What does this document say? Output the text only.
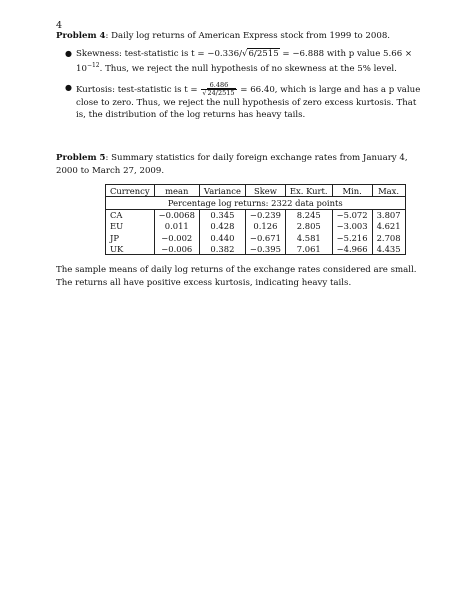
4

Problem 4: Daily log returns of American Express stock from 1999 to 2008.

● Skewness: test-statistic is t = −0.336/√6/2515 = −6.888 with p value $5.66 \times 10^{-12}$. Thus, we reject the null hypothesis of no skewness at the 5% level.
● Kurtosis: test-statistic is $t = \frac{6.486}{√24/2515} = 66.40$, which is large and has a p value close to zero. Thus, we reject the null hypothesis of zero excess kurtosis. That is, the distribution of the log returns has heavy tails.

Problem 5: Summary statistics for daily foreign exchange rates from January 4, 2000 to March 27, 2009.

Currency	mean	Variance	Skew	Ex. Kurt.	Min.	Max.
Percentage log returns: 2322 data points						
CA	−0.0068	0.345	−0.239	8.245	−5.072	3.807
EU	0.011	0.428	0.126	2.805	−3.003	4.621
JP	−0.002	0.440	−0.671	4.581	−5.216	2.708
UK	−0.006	0.382	−0.395	7.061	−4.966	4.435

The sample means of daily log returns of the exchange rates considered are small. The returns all have positive excess kurtosis, indicating heavy tails.
